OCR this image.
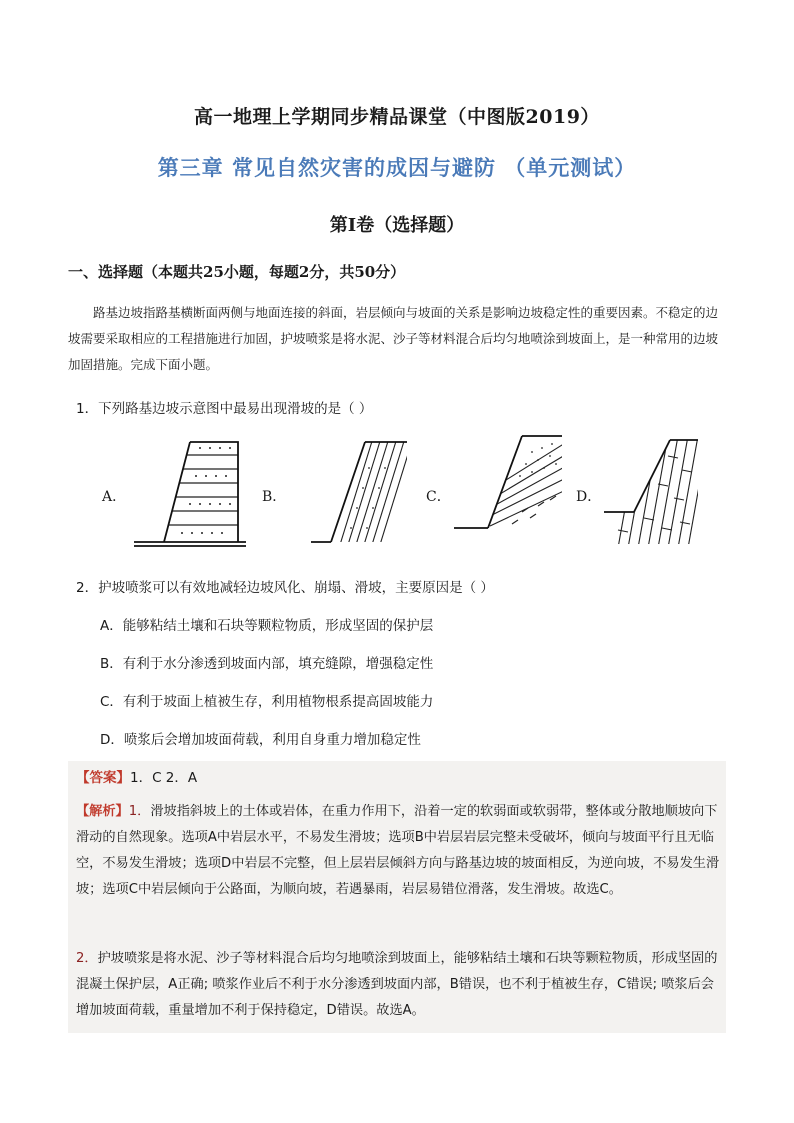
高一地理上学期同步精品课堂（中图版2019）
第三章 常见自然灾害的成因与避防 （单元测试）
第I卷（选择题）
一、选择题（本题共25小题，每题2分，共50分）
路基边坡指路基横断面两侧与地面连接的斜面，岩层倾向与坡面的关系是影响边坡稳定性的重要因素。不稳定的边坡需要采取相应的工程措施进行加固，护坡喷浆是将水泥、沙子等材料混合后均匀地喷涂到坡面上，是一种常用的边坡加固措施。完成下面小题。
1．下列路基边坡示意图中最易出现滑坡的是（ ）
A．	B．	C．	D．
2．护坡喷浆可以有效地减轻边坡风化、崩塌、滑坡，主要原因是（ ）
A．能够粘结土壤和石块等颗粒物质，形成坚固的保护层
B．有利于水分渗透到坡面内部，填充缝隙，增强稳定性
C．有利于坡面上植被生存，利用植物根系提高固坡能力
D．喷浆后会增加坡面荷载，利用自身重力增加稳定性
【答案】1．C 2．A
【解析】1．滑坡指斜坡上的土体或岩体，在重力作用下，沿着一定的软弱面或软弱带，整体或分散地顺坡向下滑动的自然现象。选项A中岩层水平，不易发生滑坡；选项B中岩层岩层完整未受破坏，倾向与坡面平行且无临空，不易发生滑坡；选项D中岩层不完整，但上层岩层倾斜方向与路基边坡的坡面相反，为逆向坡，不易发生滑坡；选项C中岩层倾向于公路面，为顺向坡，若遇暴雨，岩层易错位滑落，发生滑坡。故选C。
2．护坡喷浆是将水泥、沙子等材料混合后均匀地喷涂到坡面上，能够粘结土壤和石块等颗粒物质，形成坚固的混凝土保护层，A正确; 喷浆作业后不利于水分渗透到坡面内部，B错误，也不利于植被生存，C错误; 喷浆后会增加坡面荷载，重量增加不利于保持稳定，D错误。故选A。
